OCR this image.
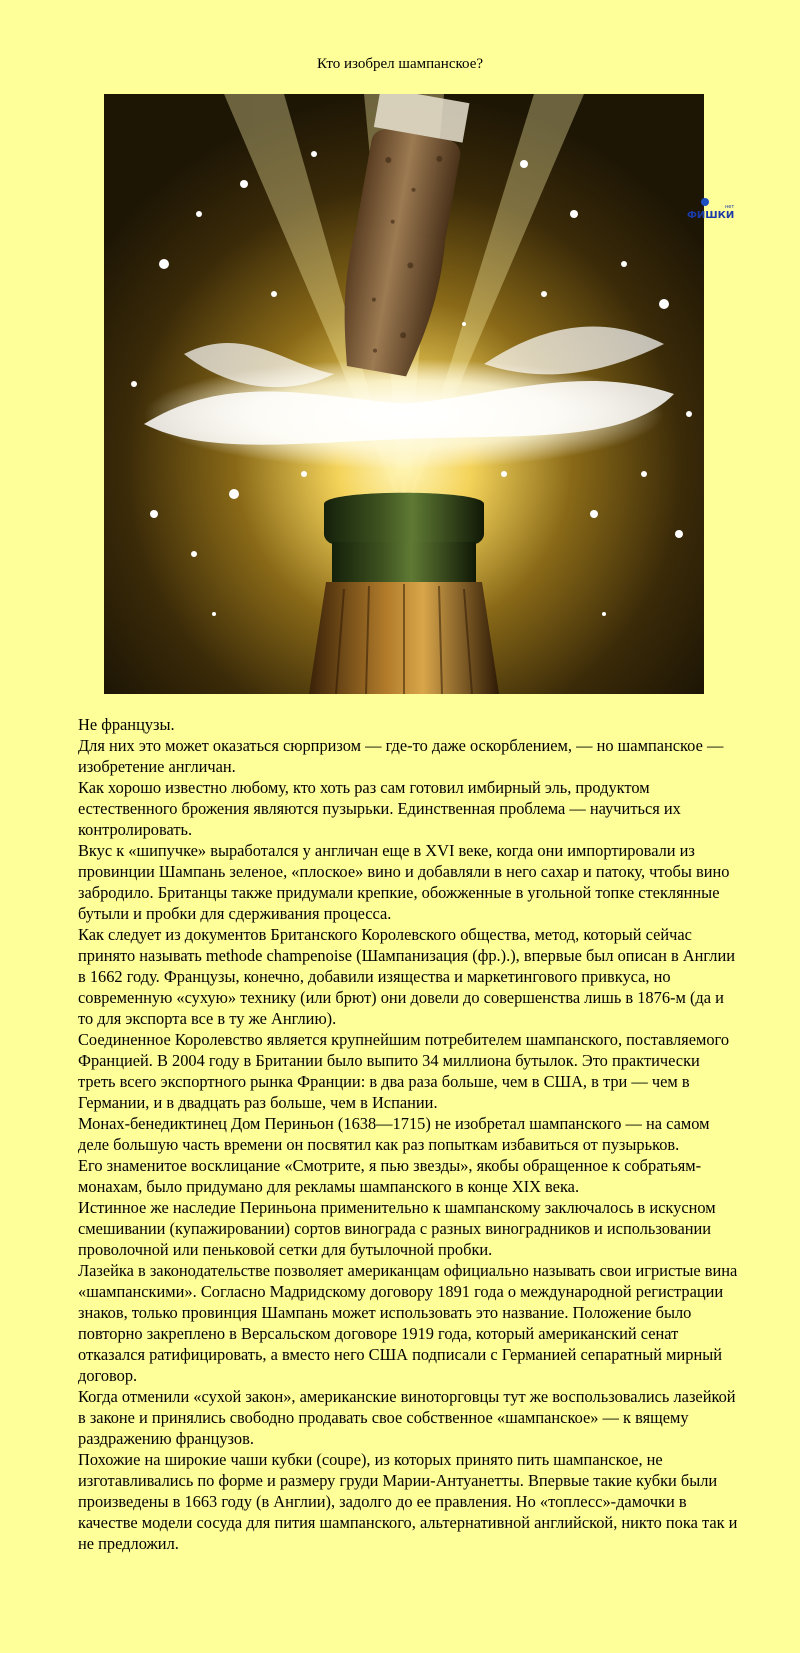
Кто изобрел шампанское?
ФИШКИ
нет

Не французы.

Для них это может оказаться сюрпризом — где-то даже оскорблением, — но шампанское — изобретение англичан.

Как хорошо известно любому, кто хоть раз сам готовил имбирный эль, продуктом естественного брожения являются пузырьки. Единственная проблема — научиться их контролировать.

Вкус к «шипучке» выработался у англичан еще в XVI веке, когда они импортировали из провинции Шампань зеленое, «плоское» вино и добавляли в него сахар и патоку, чтобы вино забродило. Британцы также придумали крепкие, обожженные в угольной топке стеклянные бутыли и пробки для сдерживания процесса.

Как следует из документов Британского Королевского общества, метод, который сейчас принято называть methode champenoise (Шампанизация (фр.).), впервые был описан в Англии в 1662 году. Французы, конечно, добавили изящества и маркетингового привкуса, но современную «сухую» технику (или брют) они довели до совершенства лишь в 1876-м (да и то для экспорта все в ту же Англию).

Соединенное Королевство является крупнейшим потребителем шампанского, поставляемого Францией. В 2004 году в Британии было выпито 34 миллиона бутылок. Это практически треть всего экспортного рынка Франции: в два раза больше, чем в США, в три — чем в Германии, и в двадцать раз больше, чем в Испании.

Монах-бенедиктинец Дом Периньон (1638—1715) не изобретал шампанского — на самом деле большую часть времени он посвятил как раз попыткам избавиться от пузырьков.

Его знаменитое восклицание «Смотрите, я пью звезды», якобы обращенное к собратьям-монахам, было придумано для рекламы шампанского в конце XIX века.

Истинное же наследие Периньона применительно к шампанскому заключалось в искусном смешивании (купажировании) сортов винограда с разных виноградников и использовании проволочной или пеньковой сетки для бутылочной пробки.

Лазейка в законодательстве позволяет американцам официально называть свои игристые вина «шампанскими». Согласно Мадридскому договору 1891 года о международной регистрации знаков, только провинция Шампань может использовать это название. Положение было повторно закреплено в Версальском договоре 1919 года, который американский сенат отказался ратифицировать, а вместо него США подписали с Германией сепаратный мирный договор.

Когда отменили «сухой закон», американские виноторговцы тут же воспользовались лазейкой в законе и принялись свободно продавать свое собственное «шампанское» — к вящему раздражению французов.

Похожие на широкие чаши кубки (coupe), из которых принято пить шампанское, не изготавливались по форме и размеру груди Марии-Антуанетты. Впервые такие кубки были произведены в 1663 году (в Англии), задолго до ее правления. Но «топлесс»-дамочки в качестве модели сосуда для пития шампанского, альтернативной английской, никто пока так и не предложил.
